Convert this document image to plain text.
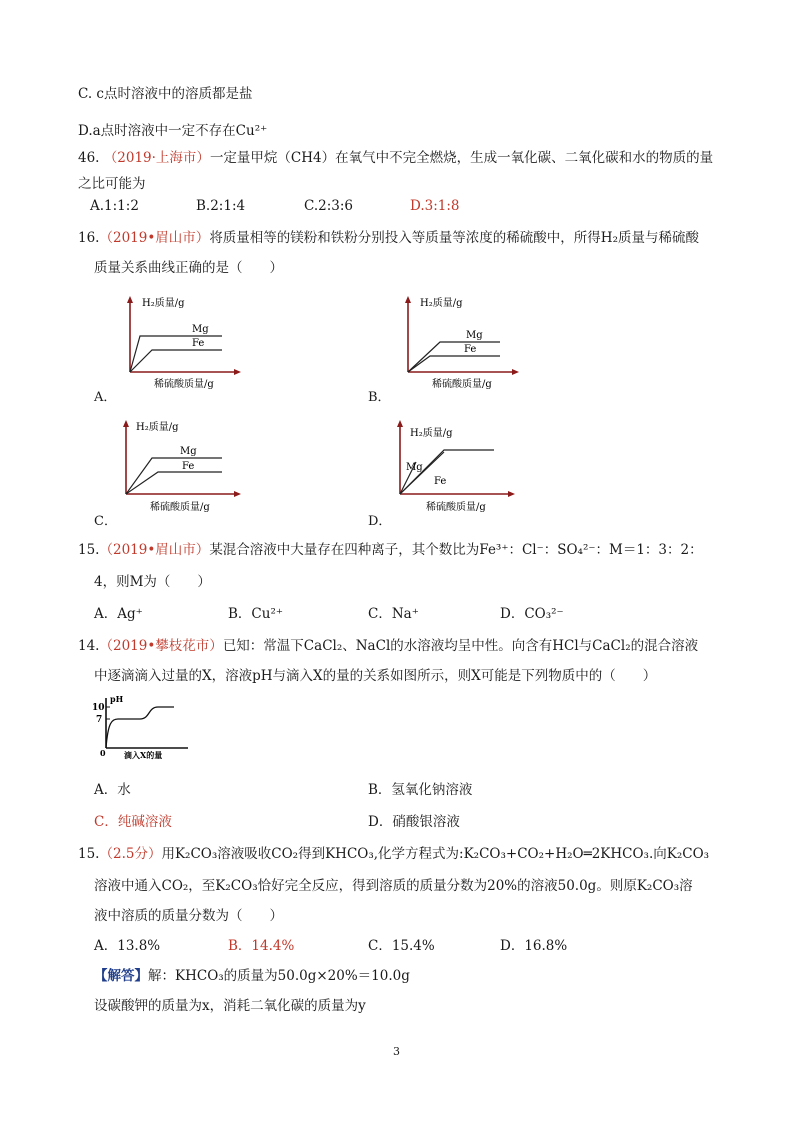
C. c点时溶液中的溶质都是盐
D.a点时溶液中一定不存在Cu²⁺
46. （2019·上海市）一定量甲烷（CH4）在氧气中不完全燃烧，生成一氧化碳、二氧化碳和水的物质的量
之比可能为
A.1:1:2	B.2:1:4	C.2:3:6	D.3:1:8
16.（2019•眉山市）将质量相等的镁粉和铁粉分别投入等质量等浓度的稀硫酸中，所得H₂质量与稀硫酸
质量关系曲线正确的是（　　）
H₂质量/g
Mg
Fe
稀硫酸质量/g
A．
H₂质量/g
Mg
Fe
稀硫酸质量/g
B．
H₂质量/g
Mg
Fe
稀硫酸质量/g
C．
H₂质量/g
Mg
Fe
稀硫酸质量/g
D．
15.（2019•眉山市）某混合溶液中大量存在四种离子，其个数比为Fe³⁺：Cl⁻：SO₄²⁻：M＝1：3：2：
4，则M为（　　）
A．Ag⁺	B．Cu²⁺	C．Na⁺	D．CO₃²⁻
14.（2019•攀枝花市）已知：常温下CaCl₂、NaCl的水溶液均呈中性。向含有HCl与CaCl₂的混合溶液
中逐滴滴入过量的X，溶液pH与滴入X的量的关系如图所示，则X可能是下列物质中的（　　）
pH
10
7
0 滴入X的量
A．水	B．氢氧化钠溶液
C．纯碱溶液	D．硝酸银溶液
15.（2.5分）用K₂CO₃溶液吸收CO₂得到KHCO₃,化学方程式为:K₂CO₃+CO₂+H₂O═2KHCO₃.向K₂CO₃
溶液中通入CO₂，至K₂CO₃恰好完全反应，得到溶质的质量分数为20%的溶液50.0g。则原K₂CO₃溶
液中溶质的质量分数为（　　）
A．13.8%	B．14.4%	C．15.4%	D．16.8%
【解答】解：KHCO₃的质量为50.0g×20%＝10.0g
设碳酸钾的质量为x，消耗二氧化碳的质量为y
3
